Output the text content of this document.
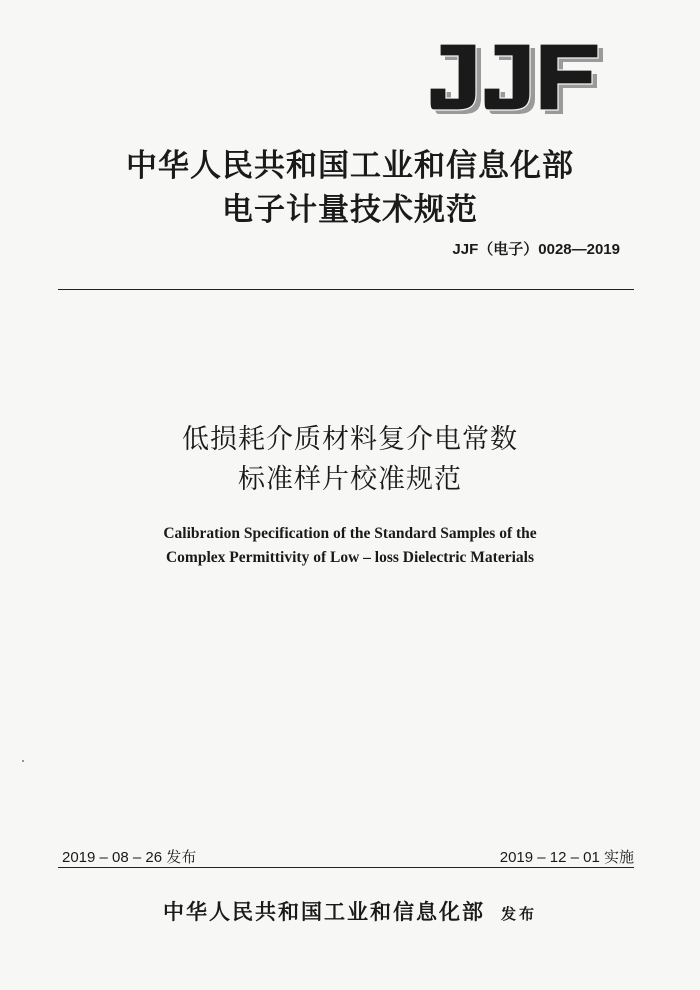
中华人民共和国工业和信息化部
电子计量技术规范
JJF（电子）0028—2019
低损耗介质材料复介电常数
标准样片校准规范
Calibration Specification of the Standard Samples of the
Complex Permittivity of Low – loss Dielectric Materials
2019 – 08 – 26 发布	2019 – 12 – 01 实施
中华人民共和国工业和信息化部 发布
